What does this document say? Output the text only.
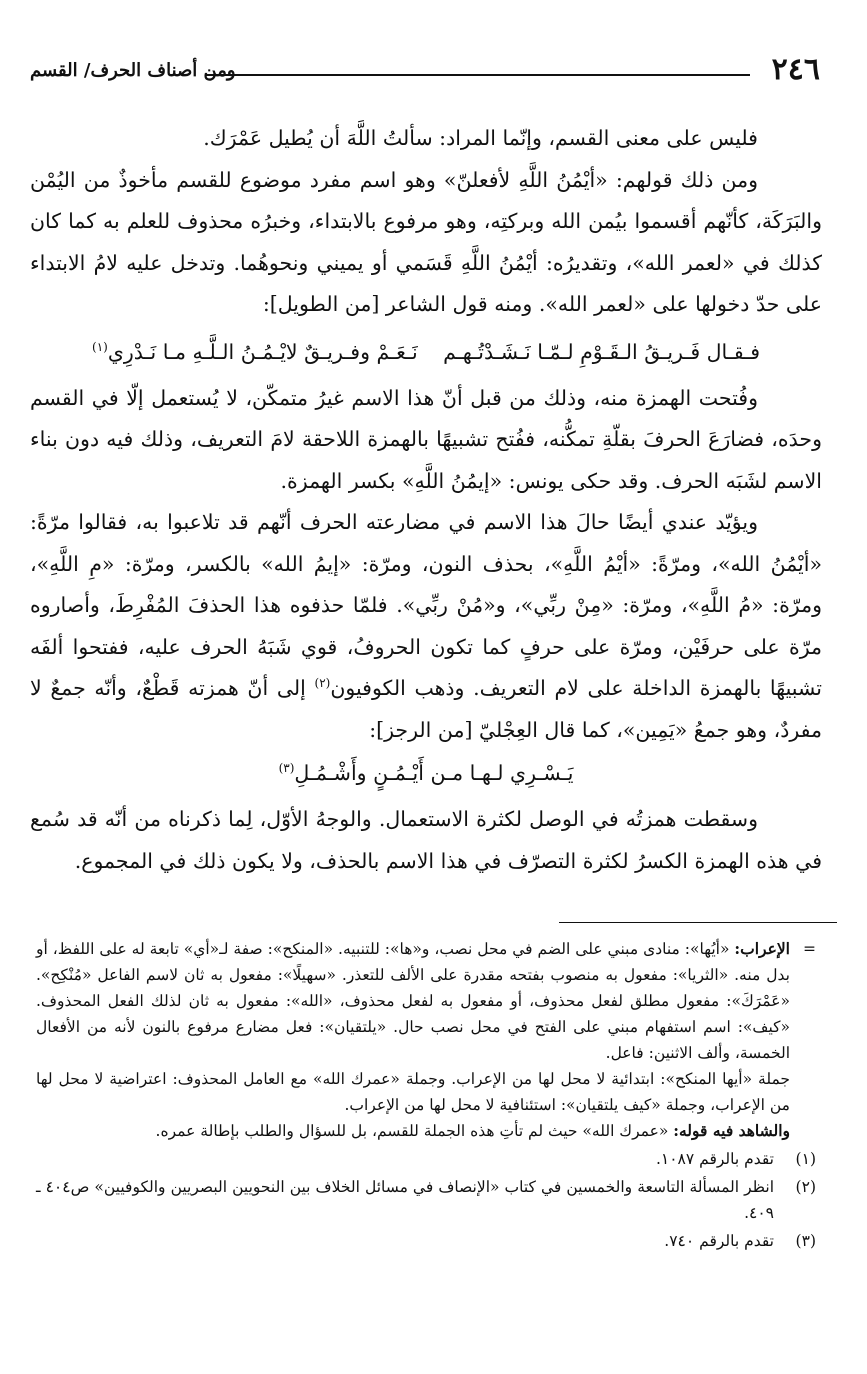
٢٤٦
ومن أصناف الحرف/ القسم

فليس على معنى القسم، وإنّما المراد: سألتُ اللَّهَ أن يُطيل عَمْرَك.

ومن ذلك قولهم: «أيْمُنُ اللَّهِ لأفعلنّ» وهو اسم مفرد موضوع للقسم مأخوذٌ من اليُمْن والبَرَكَة، كأنّهم أقسموا بيُمن الله وبركتِه، وهو مرفوع بالابتداء، وخبرُه محذوف للعلم به كما كان كذلك في «لعمر الله»، وتقديرُه: أيْمُنُ اللَّهِ قَسَمي أو يميني ونحوهُما. وتدخل عليه لامُ الابتداء على حدّ دخولها على «لعمر الله». ومنه قول الشاعر [من الطويل]:

فـقـال فَـريـقُ الـقَـوْمِ لـمّـا نَـشَـدْتُـهـم
نَـعَـمْ وفـريـقٌ لايْـمُـنُ الـلَّـهِ مـا نَـدْرِي$^{(١)}$

وفُتحت الهمزة منه، وذلك من قبل أنّ هذا الاسم غيرُ متمكّن، لا يُستعمل إلّا في القسم وحدَه، فضارَعَ الحرفَ بقلّةِ تمكُّنه، ففُتح تشبيهًا بالهمزة اللاحقة لامَ التعريف، وذلك فيه دون بناء الاسم لشَبَه الحرف. وقد حكى يونس: «إيمُنُ اللَّهِ» بكسر الهمزة.

ويؤيّد عندي أيضًا حالَ هذا الاسم في مضارعته الحرف أنّهم قد تلاعبوا به، فقالوا مرّةً: «أيْمُنُ الله»، ومرّةً: «أيْمُ اللَّهِ»، بحذف النون، ومرّة: «إيمُ الله» بالكسر، ومرّة: «مِ اللَّهِ»، ومرّة: «مُ اللَّهِ»، ومرّة: «مِنْ ربِّي»، و«مُنْ ربِّي». فلمّا حذفوه هذا الحذفَ المُفْرِطَ، وأصاروه مرّة على حرفَيْن، ومرّة على حرفٍ كما تكون الحروفُ، قوي شَبَهُ الحرف عليه، ففتحوا ألفَه تشبيهًا بالهمزة الداخلة على لام التعريف. وذهب الكوفيون$^{(٢)}$ إلى أنّ همزته قَطْعٌ، وأنّه جمعٌ لا مفردٌ، وهو جمعُ «يَمِين»، كما قال العِجْليّ [من الرجز]:

يَـسْـرِي لـهـا مـن أَيْـمُـنٍ وأَشْـمُـلِ$^{(٣)}$

وسقطت همزتُه في الوصل لكثرة الاستعمال. والوجهُ الأوّل، لِما ذكرناه من أنّه قد سُمع في هذه الهمزة الكسرُ لكثرة التصرّف في هذا الاسم بالحذف، ولا يكون ذلك في المجموع.

=
الإعراب: «أيُها»: منادى مبني على الضم في محل نصب، و«ها»: للتنبيه. «المنكح»: صفة لـ«أي» تابعة له على اللفظ، أو بدل منه. «الثريا»: مفعول به منصوب بفتحه مقدرة على الألف للتعذر. «سهيلًا»: مفعول به ثان لاسم الفاعل «مُنْكِح». «عَمْرَكَ»: مفعول مطلق لفعل محذوف، أو مفعول به لفعل محذوف، «الله»: مفعول به ثان لذلك الفعل المحذوف. «كيف»: اسم استفهام مبني على الفتح في محل نصب حال. «يلتقيان»: فعل مضارع مرفوع بالنون لأنه من الأفعال الخمسة، وألف الاثنين: فاعل.
جملة «أيها المنكح»: ابتدائية لا محل لها من الإعراب. وجملة «عمرك الله» مع العامل المحذوف: اعتراضية لا محل لها من الإعراب، وجملة «كيف يلتقيان»: استئنافية لا محل لها من الإعراب.
والشاهد فيه قوله: «عمرك الله» حيث لم تأتِ هذه الجملة للقسم، بل للسؤال والطلب بإطالة عمره.
(١)
تقدم بالرقم ١٠٨٧.
(٢)
انظر المسألة التاسعة والخمسين في كتاب «الإنصاف في مسائل الخلاف بين النحويين البصريين والكوفيين» ص٤٠٤ ـ ٤٠٩.
(٣)
تقدم بالرقم ٧٤٠.
